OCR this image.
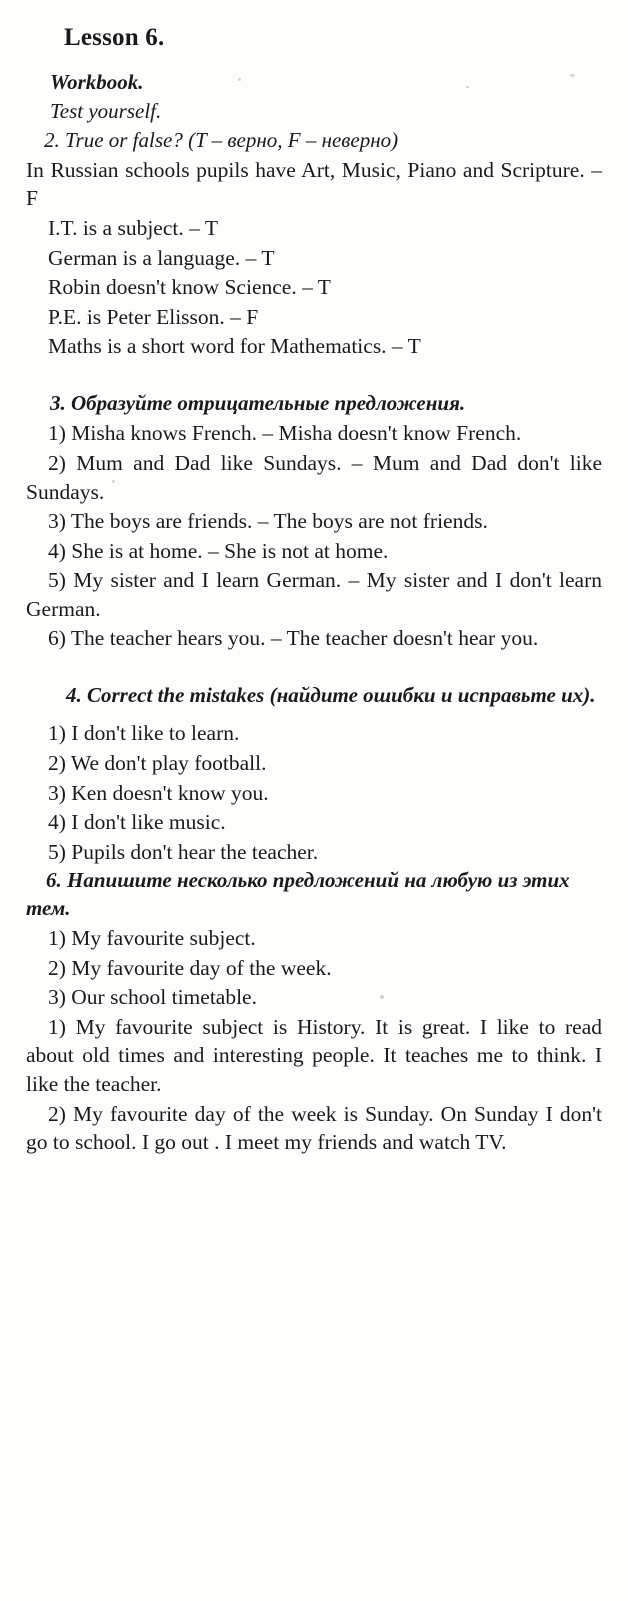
Lesson 6.
Workbook.
Test yourself.
2. True or false? (T – верно, F – неверно)

In Russian schools pupils have Art, Music, Piano and Scripture. – F

I.T. is a subject. – T

German is a language. – T

Robin doesn't know Science. – T

P.E. is Peter Elisson. – F

Maths is a short word for Mathematics. – T

3. Образуйте отрицательные предложения.

1) Misha knows French. – Misha doesn't know French.

2) Mum and Dad like Sundays. – Mum and Dad don't like Sundays.

3) The boys are friends. – The boys are not friends.

4) She is at home. – She is not at home.

5) My sister and I learn German. – My sister and I don't learn German.

6) The teacher hears you. – The teacher doesn't hear you.

4. Correct the mistakes (найдите ошибки и исправьте их).

1) I don't like to learn.

2) We don't play football.

3) Ken doesn't know you.

4) I don't like music.

5) Pupils don't hear the teacher.

6. Напишите несколько предложений на любую из этих тем.

1) My favourite subject.

2) My favourite day of the week.

3) Our school timetable.

1) My favourite subject is History. It is great. I like to read about old times and interesting people. It teaches me to think. I like the teacher.

2) My favourite day of the week is Sunday. On Sunday I don't go to school. I go out . I meet my friends and watch TV.
